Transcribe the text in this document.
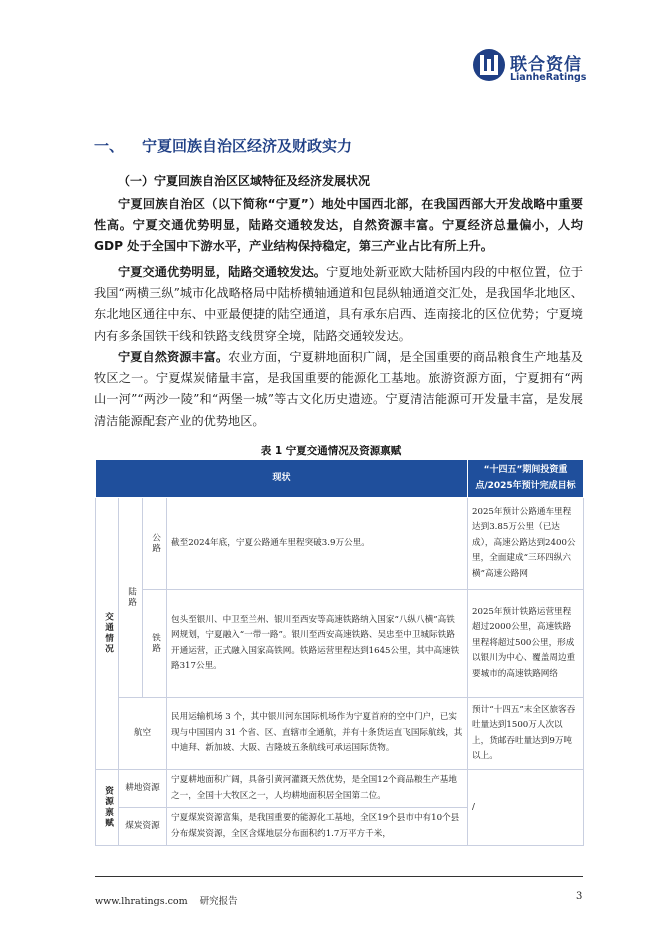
联合资信
LianheRatings
一、 宁夏回族自治区经济及财政实力
（一）宁夏回族自治区区域特征及经济发展状况
宁夏回族自治区（以下简称“宁夏”）地处中国西北部，在我国西部大开发战略中重要性高。宁夏交通优势明显，陆路交通较发达，自然资源丰富。宁夏经济总量偏小，人均 GDP 处于全国中下游水平，产业结构保持稳定，第三产业占比有所上升。
宁夏交通优势明显，陆路交通较发达。宁夏地处新亚欧大陆桥国内段的中枢位置，位于我国“两横三纵”城市化战略格局中陆桥横轴通道和包昆纵轴通道交汇处，是我国华北地区、东北地区通往中东、中亚最便捷的陆空通道，具有承东启西、连南接北的区位优势；宁夏境内有多条国铁干线和铁路支线贯穿全境，陆路交通较发达。
宁夏自然资源丰富。农业方面，宁夏耕地面积广阔，是全国重要的商品粮食生产地基及牧区之一。宁夏煤炭储量丰富，是我国重要的能源化工基地。旅游资源方面，宁夏拥有“两山一河”“两沙一陵”和“两堡一城”等古文化历史遗迹。宁夏清洁能源可开发量丰富，是发展清洁能源配套产业的优势地区。
表 1 宁夏交通情况及资源禀赋
现状				“十四五”期间投资重点/2025年预计完成目标

交通情况	陆路	公路	截至2024年底，宁夏公路通车里程突破3.9万公里。	2025年预计公路通车里程达到3.85万公里（已达成），高速公路达到2400公里，全面建成“三环四纵六横”高速公路网

		铁路	包头至银川、中卫至兰州、银川至西安等高速铁路纳入国家“八纵八横”高铁网规划，宁夏融入“一带一路”。银川至西安高速铁路、吴忠至中卫城际铁路开通运营，正式融入国家高铁网。铁路运营里程达到1645公里，其中高速铁路317公里。	2025年预计铁路运营里程超过2000公里，高速铁路里程将超过500公里，形成以银川为中心、覆盖周边重要城市的高速铁路网络
	航空		民用运输机场 3 个，其中银川河东国际机场作为宁夏首府的空中门户，已实现与中国国内 31 个省、区、直辖市全通航，并有十条货运直飞国际航线，其中迪拜、新加坡、大阪、吉隆坡五条航线可承运国际货物。	预计“十四五”末全区旅客吞吐量达到1500万人次以上，货邮吞吐量达到9万吨以上。

资源禀赋	耕地资源		宁夏耕地面积广阔，具备引黄河灌溉天然优势，是全国12个商品粮生产基地之一，全国十大牧区之一，人均耕地面积居全国第二位。	/
	煤炭资源		宁夏煤炭资源富集，是我国重要的能源化工基地，全区19个县市中有10个县分布煤炭资源，全区含煤地层分布面积约1.7万平方千米，	
www.lhratings.com 研究报告	3
